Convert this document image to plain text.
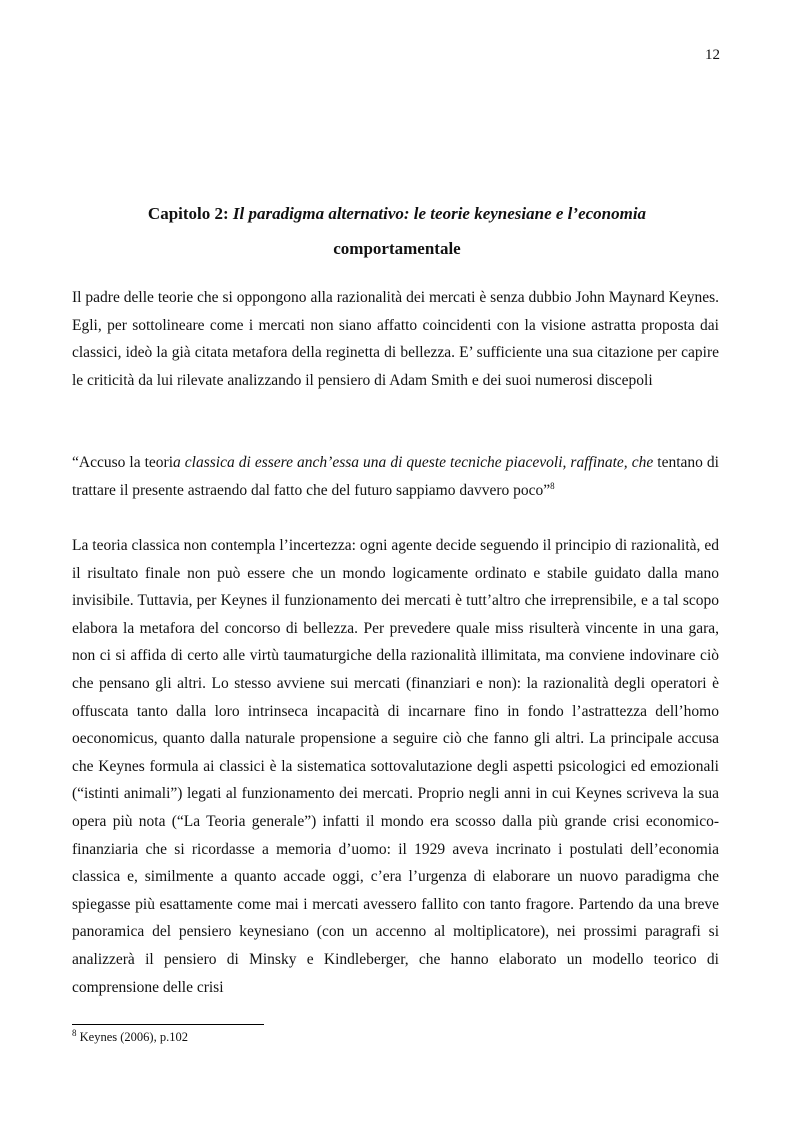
12
Capitolo 2: Il paradigma alternativo: le teorie keynesiane e l’economia
comportamentale

Il padre delle teorie che si oppongono alla razionalità dei mercati è senza dubbio John Maynard Keynes. Egli, per sottolineare come i mercati non siano affatto coincidenti con la visione astratta proposta dai classici, ideò la già citata metafora della reginetta di bellezza. E’ sufficiente una sua citazione per capire le criticità da lui rilevate analizzando il pensiero di Adam Smith e dei suoi numerosi discepoli

“Accuso la teoria classica di essere anch’essa una di queste tecniche piacevoli, raffinate, che tentano di trattare il presente astraendo dal fatto che del futuro sappiamo davvero poco”$^8$

La teoria classica non contempla l’incertezza: ogni agente decide seguendo il principio di razionalità, ed il risultato finale non può essere che un mondo logicamente ordinato e stabile guidato dalla mano invisibile. Tuttavia, per Keynes il funzionamento dei mercati è tutt’altro che irreprensibile, e a tal scopo elabora la metafora del concorso di bellezza. Per prevedere quale miss risulterà vincente in una gara, non ci si affida di certo alle virtù taumaturgiche della razionalità illimitata, ma conviene indovinare ciò che pensano gli altri. Lo stesso avviene sui mercati (finanziari e non): la razionalità degli operatori è offuscata tanto dalla loro intrinseca incapacità di incarnare fino in fondo l’astrattezza dell’homo oeconomicus, quanto dalla naturale propensione a seguire ciò che fanno gli altri. La principale accusa che Keynes formula ai classici è la sistematica sottovalutazione degli aspetti psicologici ed emozionali (“istinti animali”) legati al funzionamento dei mercati. Proprio negli anni in cui Keynes scriveva la sua opera più nota (“La Teoria generale”) infatti il mondo era scosso dalla più grande crisi economico-finanziaria che si ricordasse a memoria d’uomo: il 1929 aveva incrinato i postulati dell’economia classica e, similmente a quanto accade oggi, c’era l’urgenza di elaborare un nuovo paradigma che spiegasse più esattamente come mai i mercati avessero fallito con tanto fragore. Partendo da una breve panoramica del pensiero keynesiano (con un accenno al moltiplicatore), nei prossimi paragrafi si analizzerà il pensiero di Minsky e Kindleberger, che hanno elaborato un modello teorico di comprensione delle crisi

$^8$ Keynes (2006), p.102
